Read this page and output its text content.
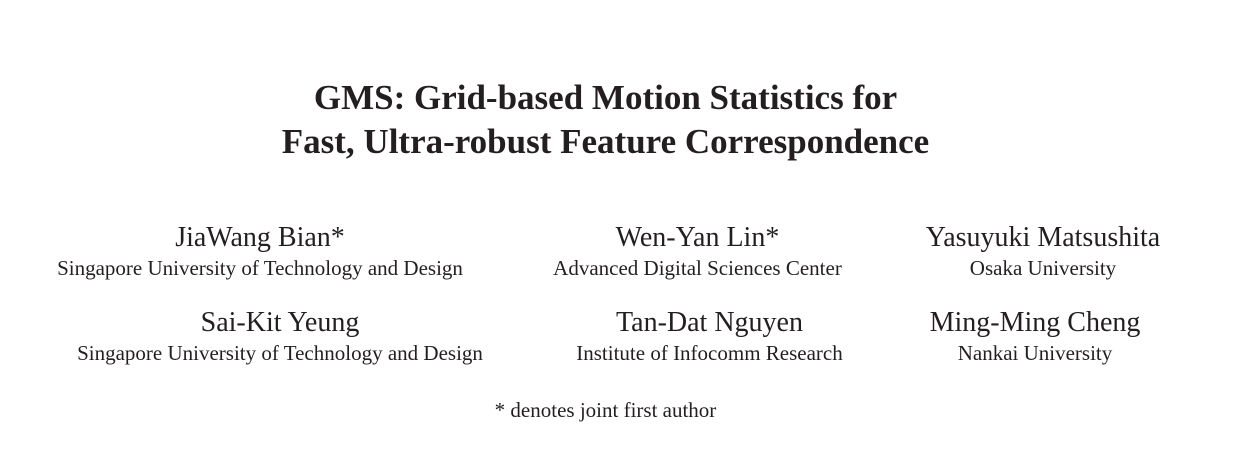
GMS: Grid-based Motion Statistics for
Fast, Ultra-robust Feature Correspondence
JiaWang Bian*
Singapore University of Technology and Design
Wen-Yan Lin*
Advanced Digital Sciences Center
Yasuyuki Matsushita
Osaka University
Sai-Kit Yeung
Singapore University of Technology and Design
Tan-Dat Nguyen
Institute of Infocomm Research
Ming-Ming Cheng
Nankai University
* denotes joint first author
